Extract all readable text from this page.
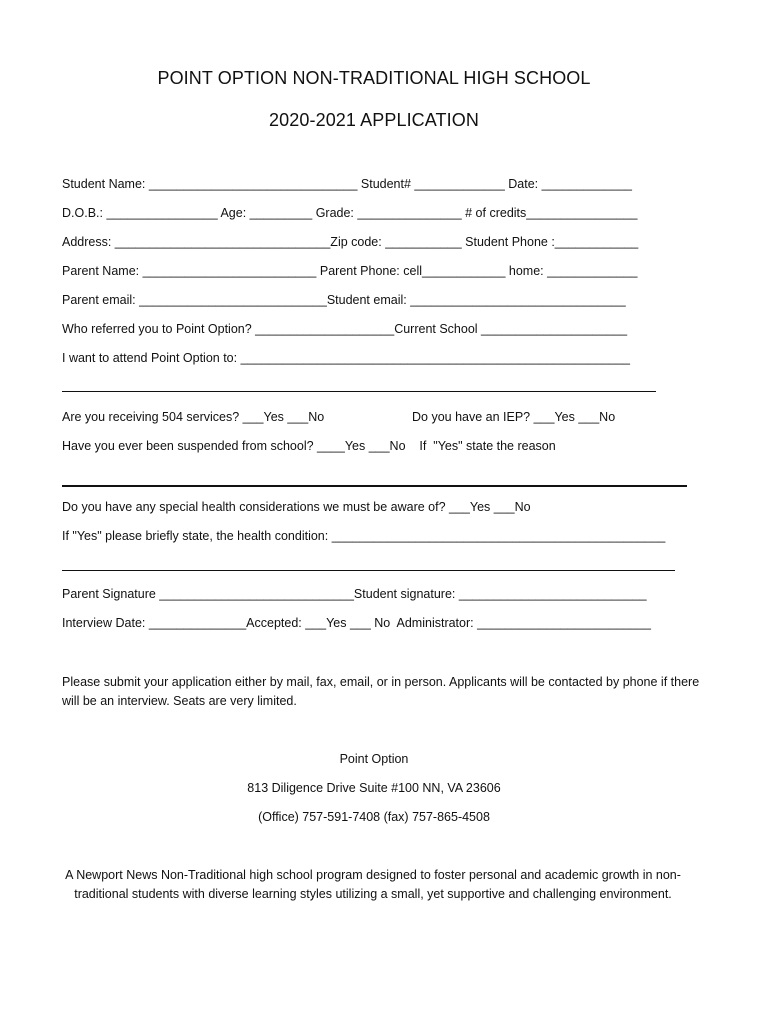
POINT OPTION NON-TRADITIONAL HIGH SCHOOL
2020-2021 APPLICATION
Student Name: ______________________________ Student# _____________ Date: _____________
D.O.B.: ________________ Age: _________ Grade: _______________ # of credits________________
Address: _______________________________Zip code: ___________ Student Phone :____________
Parent Name: _________________________ Parent Phone: cell____________ home: _____________
Parent email: ___________________________Student email: _______________________________
Who referred you to Point Option? ____________________Current School _____________________
I want to attend Point Option to: ________________________________________________________
Are you receiving 504 services? ___Yes ___No	Do you have an IEP? ___Yes ___No
Have you ever been suspended from school? ____Yes ___No    If  "Yes" state the reason
Do you have any special health considerations we must be aware of? ___Yes ___No
If "Yes" please briefly state, the health condition: ________________________________________________
Parent Signature ____________________________Student signature: ___________________________
Interview Date: ______________Accepted: ___Yes ___ No  Administrator: _________________________
Please submit your application either by mail, fax, email, or in person. Applicants will be contacted by phone if there will be an interview. Seats are very limited.
Point Option
813 Diligence Drive Suite #100 NN, VA 23606
(Office) 757-591-7408 (fax) 757-865-4508
A Newport News Non-Traditional high school program designed to foster personal and academic growth in non-traditional students with diverse learning styles utilizing a small, yet supportive and challenging environment.
